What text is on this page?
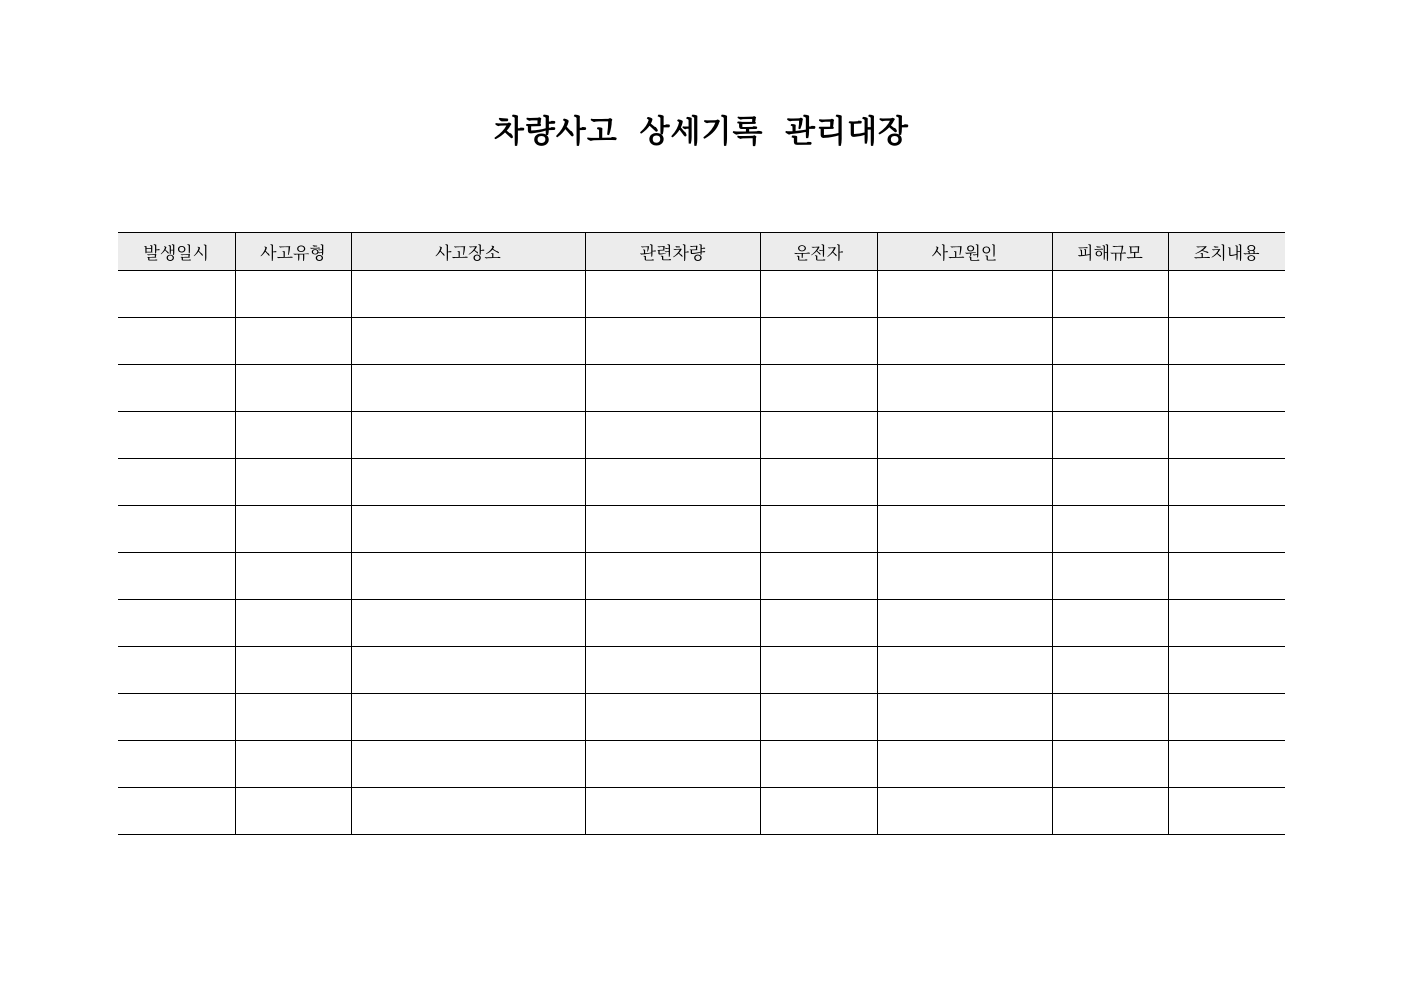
차량사고 상세기록 관리대장
발생일시	사고유형	사고장소	관련차량	운전자	사고원인	피해규모	조치내용
